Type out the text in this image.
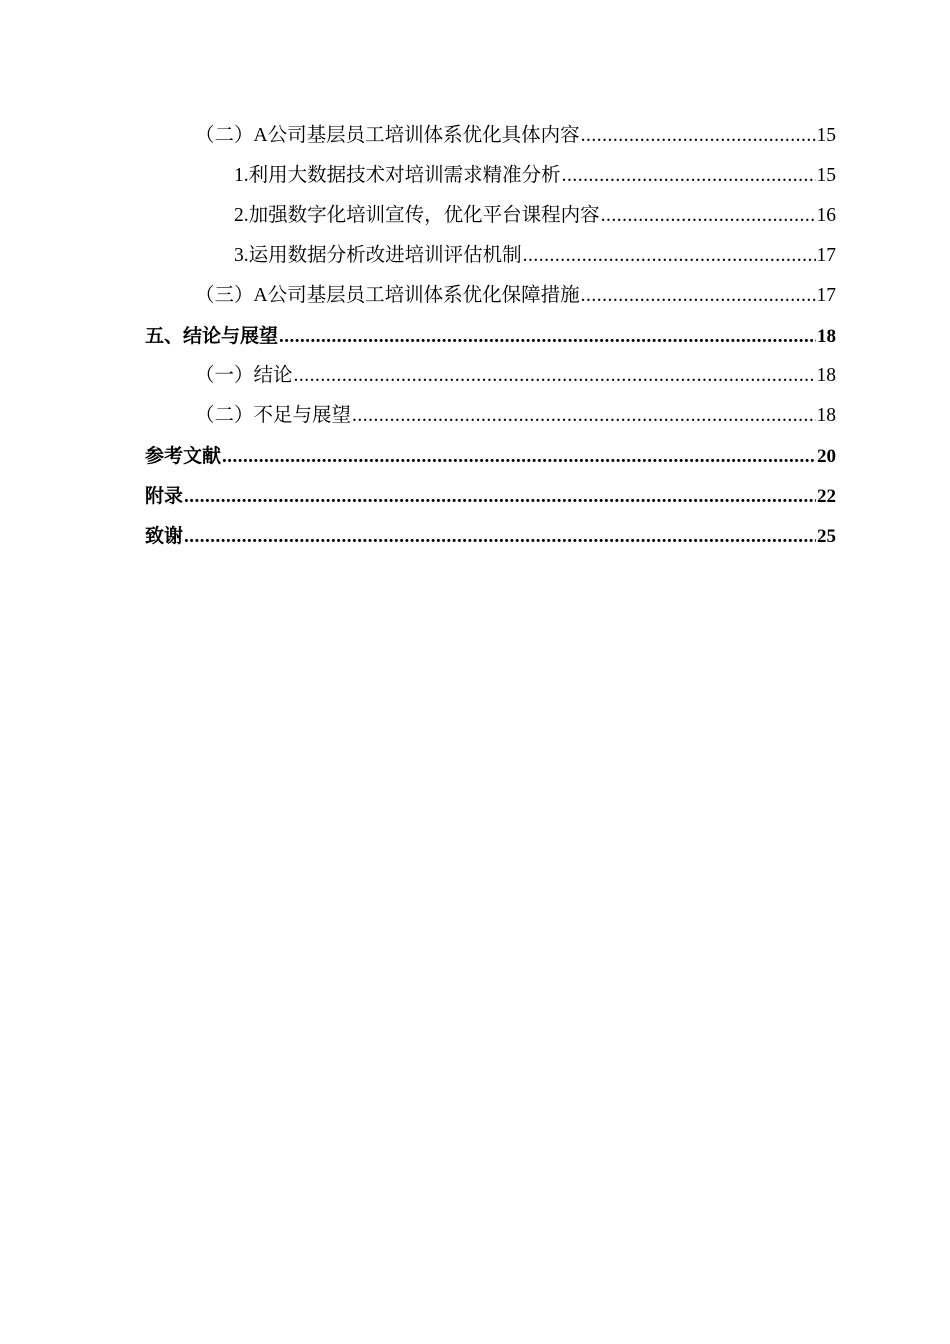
（二）A公司基层员工培训体系优化具体内容 .....	15
1.利用大数据技术对培训需求精准分析 .....	15
2.加强数字化培训宣传，优化平台课程内容 .....	16
3.运用数据分析改进培训评估机制 .....	17
（三）A公司基层员工培训体系优化保障措施 .....	17
五、结论与展望 .....	18
（一）结论 .....	18
（二）不足与展望 .....	18
参考文献 .....	20
附录 .....	22
致谢 .....	25
